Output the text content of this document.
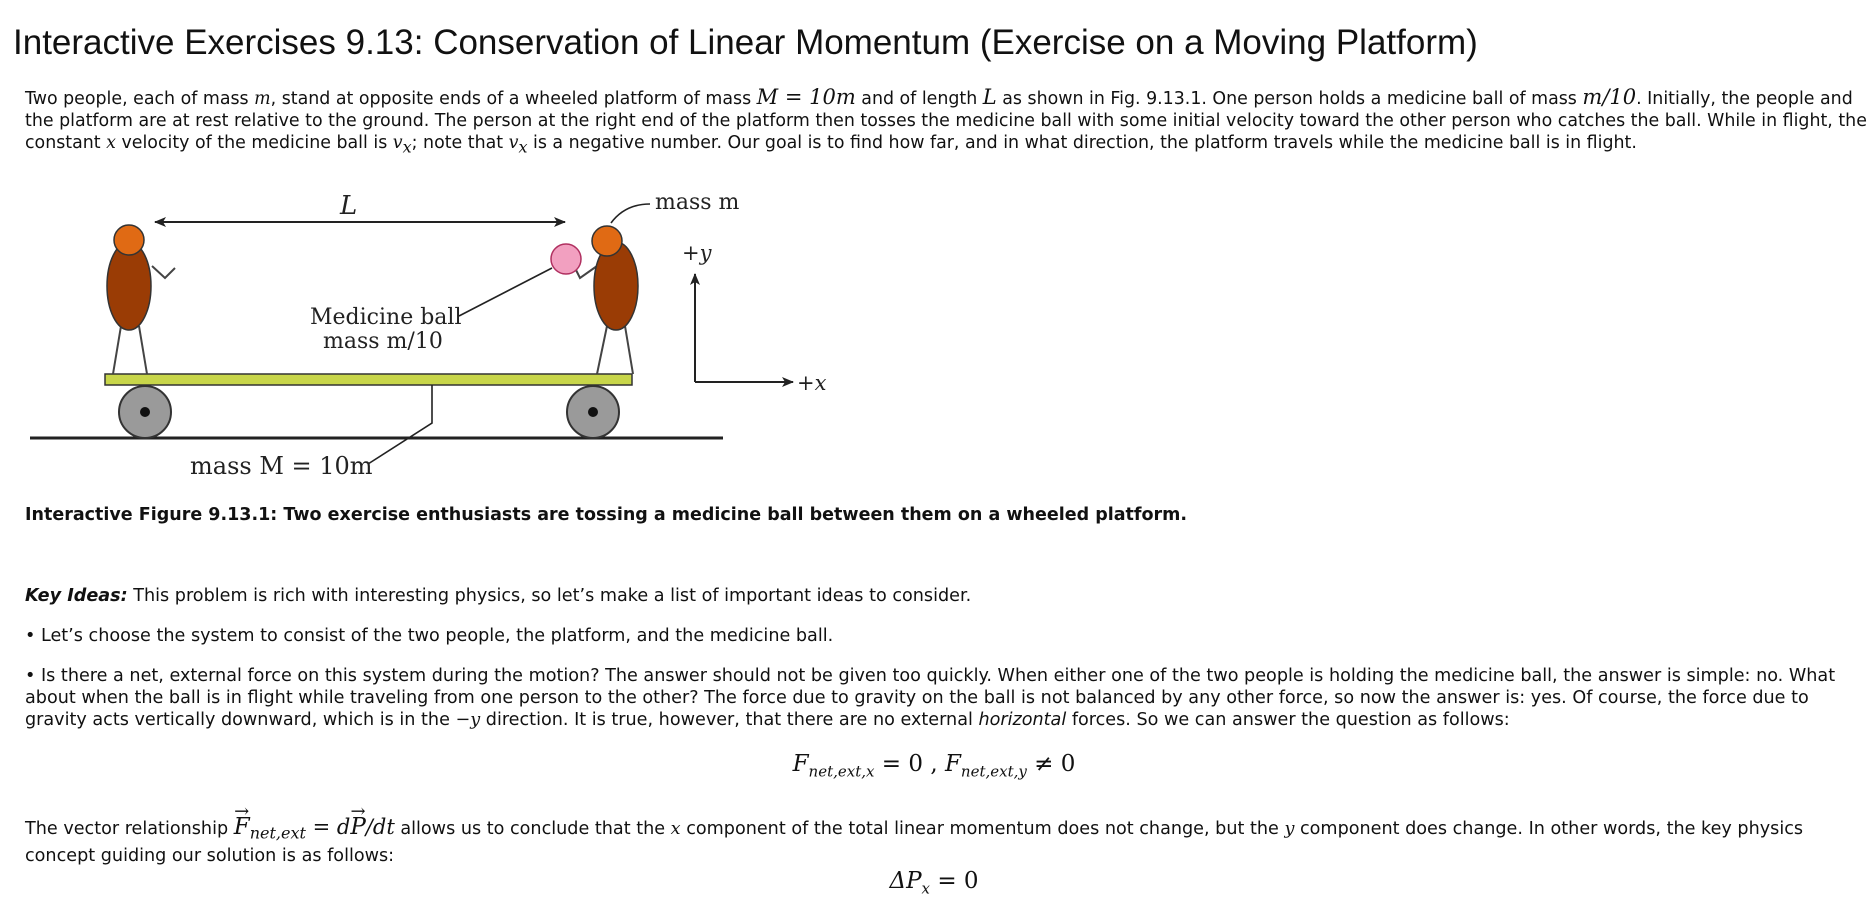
Interactive Exercises 9.13: Conservation of Linear Momentum (Exercise on a Moving Platform)

Two people, each of mass m, stand at opposite ends of a wheeled platform of mass M = 10m and of length L as shown in Fig. 9.13.1. One person holds a medicine ball of mass m/10. Initially, the people and the platform are at rest relative to the ground. The person at the right end of the platform then tosses the medicine ball with some initial velocity toward the other person who catches the ball. While in flight, the constant x velocity of the medicine ball is $v_x$; note that $v_x$ is a negative number. Our goal is to find how far, and in what direction, the platform travels while the medicine ball is in flight.

L	mass m
mass M = 10m
Medicine ball
mass m/10
+y
+x

Interactive Figure 9.13.1: Two exercise enthusiasts are tossing a medicine ball between them on a wheeled platform.

Key Ideas: This problem is rich with interesting physics, so let’s make a list of important ideas to consider.

• Let’s choose the system to consist of the two people, the platform, and the medicine ball.

• Is there a net, external force on this system during the motion? The answer should not be given too quickly. When either one of the two people is holding the medicine ball, the answer is simple: no. What about when the ball is in flight while traveling from one person to the other? The force due to gravity on the ball is not balanced by any other force, so now the answer is: yes. Of course, the force due to gravity acts vertically downward, which is in the −y direction. It is true, however, that there are no external horizontal forces. So we can answer the question as follows:

$F_{net,ext,x} = 0$ , $F_{net,ext,y} \ne 0$

The vector relationship → $F_{net,ext} = d\to P/dt$ allows us to conclude that the x component of the total linear momentum does not change, but the y component does change. In other words, the key physics concept guiding our solution is as follows:

$\Delta P_x = 0$
